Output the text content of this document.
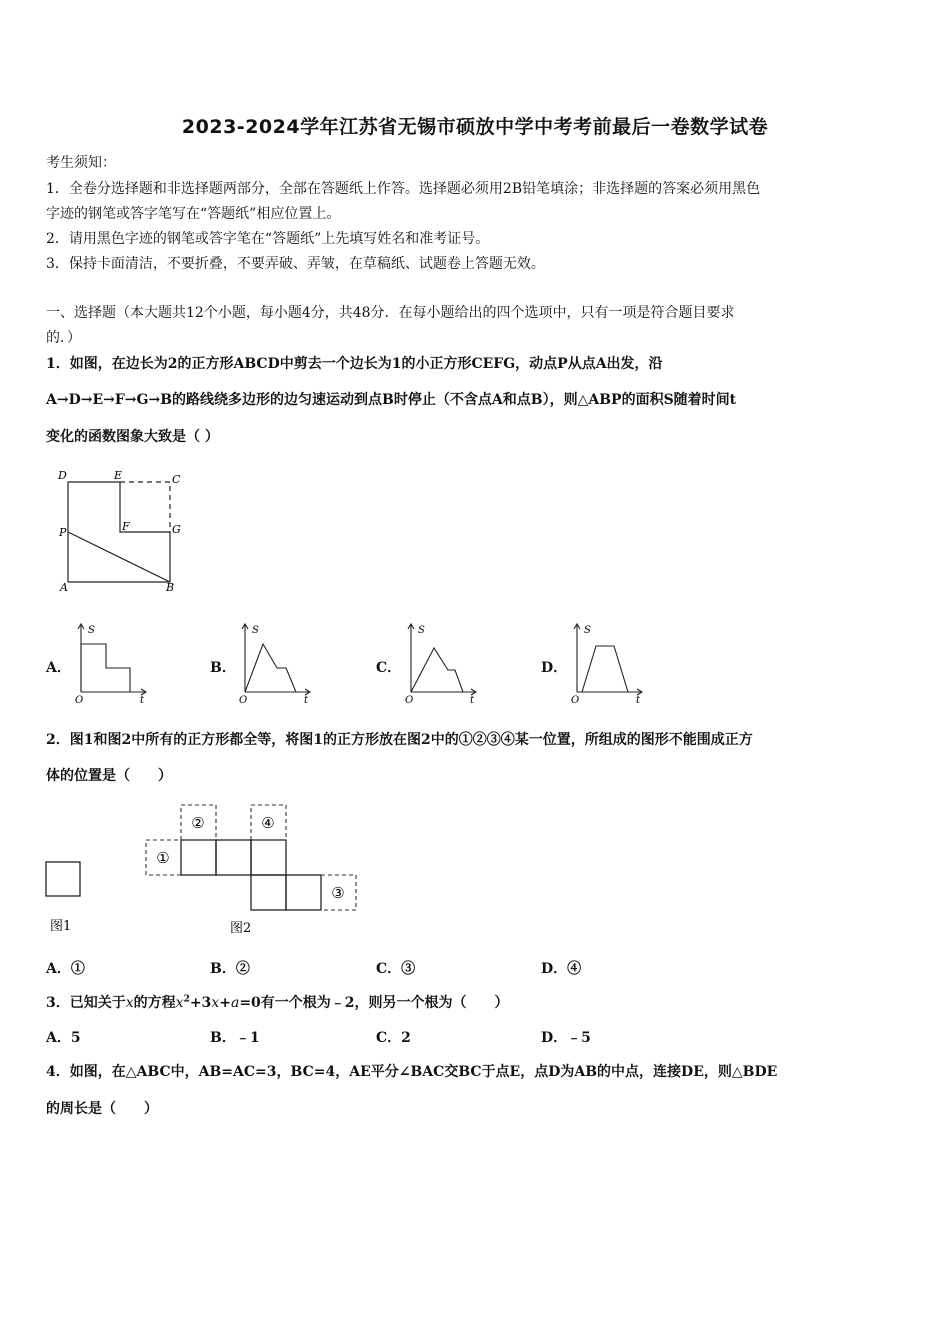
2023-2024学年江苏省无锡市硕放中学中考考前最后一卷数学试卷
考生须知：
1．全卷分选择题和非选择题两部分，全部在答题纸上作答。选择题必须用2B铅笔填涂；非选择题的答案必须用黑色
字迹的钢笔或答字笔写在“答题纸”相应位置上。
2．请用黑色字迹的钢笔或答字笔在“答题纸”上先填写姓名和准考证号。
3．保持卡面清洁，不要折叠，不要弄破、弄皱，在草稿纸、试题卷上答题无效。
一、选择题（本大题共12个小题，每小题4分，共48分．在每小题给出的四个选项中，只有一项是符合题目要求
的．）
1．如图，在边长为2的正方形ABCD中剪去一个边长为1的小正方形CEFG，动点P从点A出发，沿
A→D→E→F→G→B的路线绕多边形的边匀速运动到点B时停止（不含点A和点B），则△ABP的面积S随着时间t
变化的函数图象大致是（ ）
D	E	C
F	G
P
A	B
A．
S
t
O
B．
S
t
O
C．
S
t
O
D．
S
t
O
2．图1和图2中所有的正方形都全等，将图1的正方形放在图2中的①②③④某一位置，所组成的图形不能围成正方
体的位置是（　　）
图1
①
②
③
④
图2
A．①	B．②	C．③	D．④
3．已知关于x的方程$x^2+3x+a=0$有一个根为﹣2，则另一个根为（　　）
A．5	B．﹣1	C．2	D．﹣5
4．如图，在△ABC中，AB=AC=3，BC=4，AE平分∠BAC交BC于点E，点D为AB的中点，连接DE，则△BDE
的周长是（　　）
